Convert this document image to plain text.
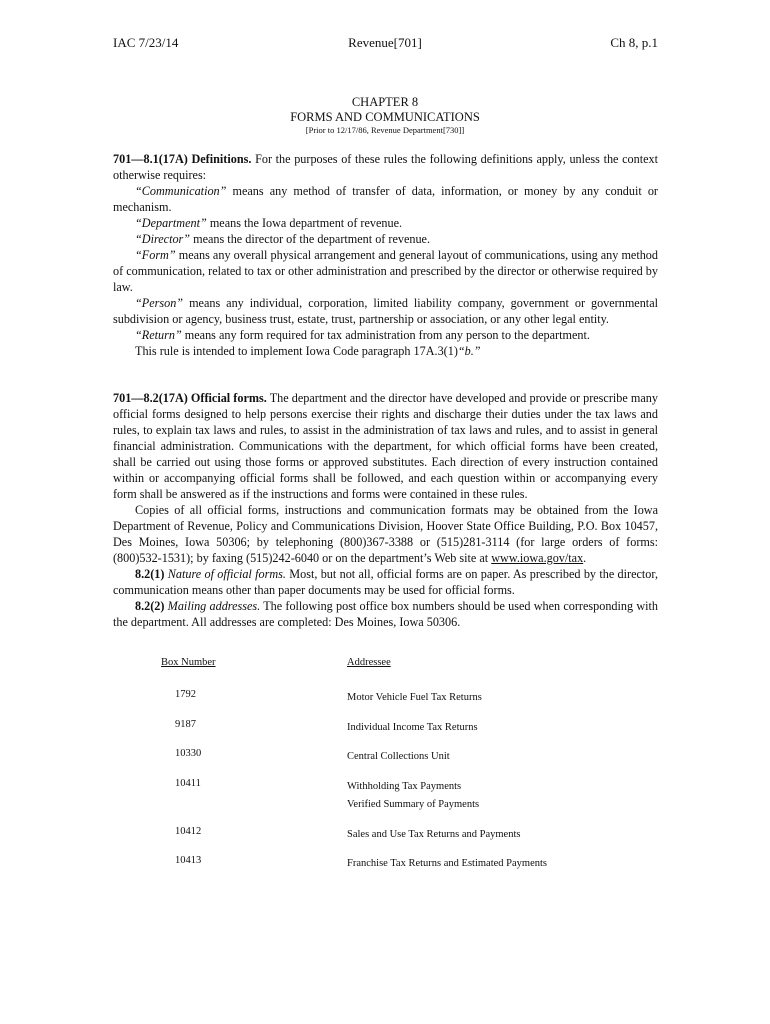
IAC 7/23/14	Revenue[701]	Ch 8, p.1
CHAPTER 8
FORMS AND COMMUNICATIONS
[Prior to 12/17/86, Revenue Department[730]]

701—8.1(17A) Definitions. For the purposes of these rules the following definitions apply, unless the context otherwise requires:

“Communication” means any method of transfer of data, information, or money by any conduit or mechanism.

“Department” means the Iowa department of revenue.

“Director” means the director of the department of revenue.

“Form” means any overall physical arrangement and general layout of communications, using any method of communication, related to tax or other administration and prescribed by the director or otherwise required by law.

“Person” means any individual, corporation, limited liability company, government or governmental subdivision or agency, business trust, estate, trust, partnership or association, or any other legal entity.

“Return” means any form required for tax administration from any person to the department.

This rule is intended to implement Iowa Code paragraph 17A.3(1)“b.”

701—8.2(17A) Official forms. The department and the director have developed and provide or prescribe many official forms designed to help persons exercise their rights and discharge their duties under the tax laws and rules, to explain tax laws and rules, to assist in the administration of tax laws and rules, and to assist in general financial administration. Communications with the department, for which official forms have been created, shall be carried out using those forms or approved substitutes. Each direction of every instruction contained within or accompanying official forms shall be followed, and each question within or accompanying every form shall be answered as if the instructions and forms were contained in these rules.

Copies of all official forms, instructions and communication formats may be obtained from the Iowa Department of Revenue, Policy and Communications Division, Hoover State Office Building, P.O. Box 10457, Des Moines, Iowa 50306; by telephoning (800)367-3388 or (515)281-3114 (for large orders of forms: (800)532-1531); by faxing (515)242-6040 or on the department’s Web site at www.iowa.gov/tax.

8.2(1) Nature of official forms. Most, but not all, official forms are on paper. As prescribed by the director, communication means other than paper documents may be used for official forms.

8.2(2) Mailing addresses. The following post office box numbers should be used when corresponding with the department. All addresses are completed: Des Moines, Iowa 50306.

Box Number	Addressee
1792	Motor Vehicle Fuel Tax Returns
9187	Individual Income Tax Returns
10330	Central Collections Unit
10411	Withholding Tax Payments
Verified Summary of Payments
10412	Sales and Use Tax Returns and Payments
10413	Franchise Tax Returns and Estimated Payments
